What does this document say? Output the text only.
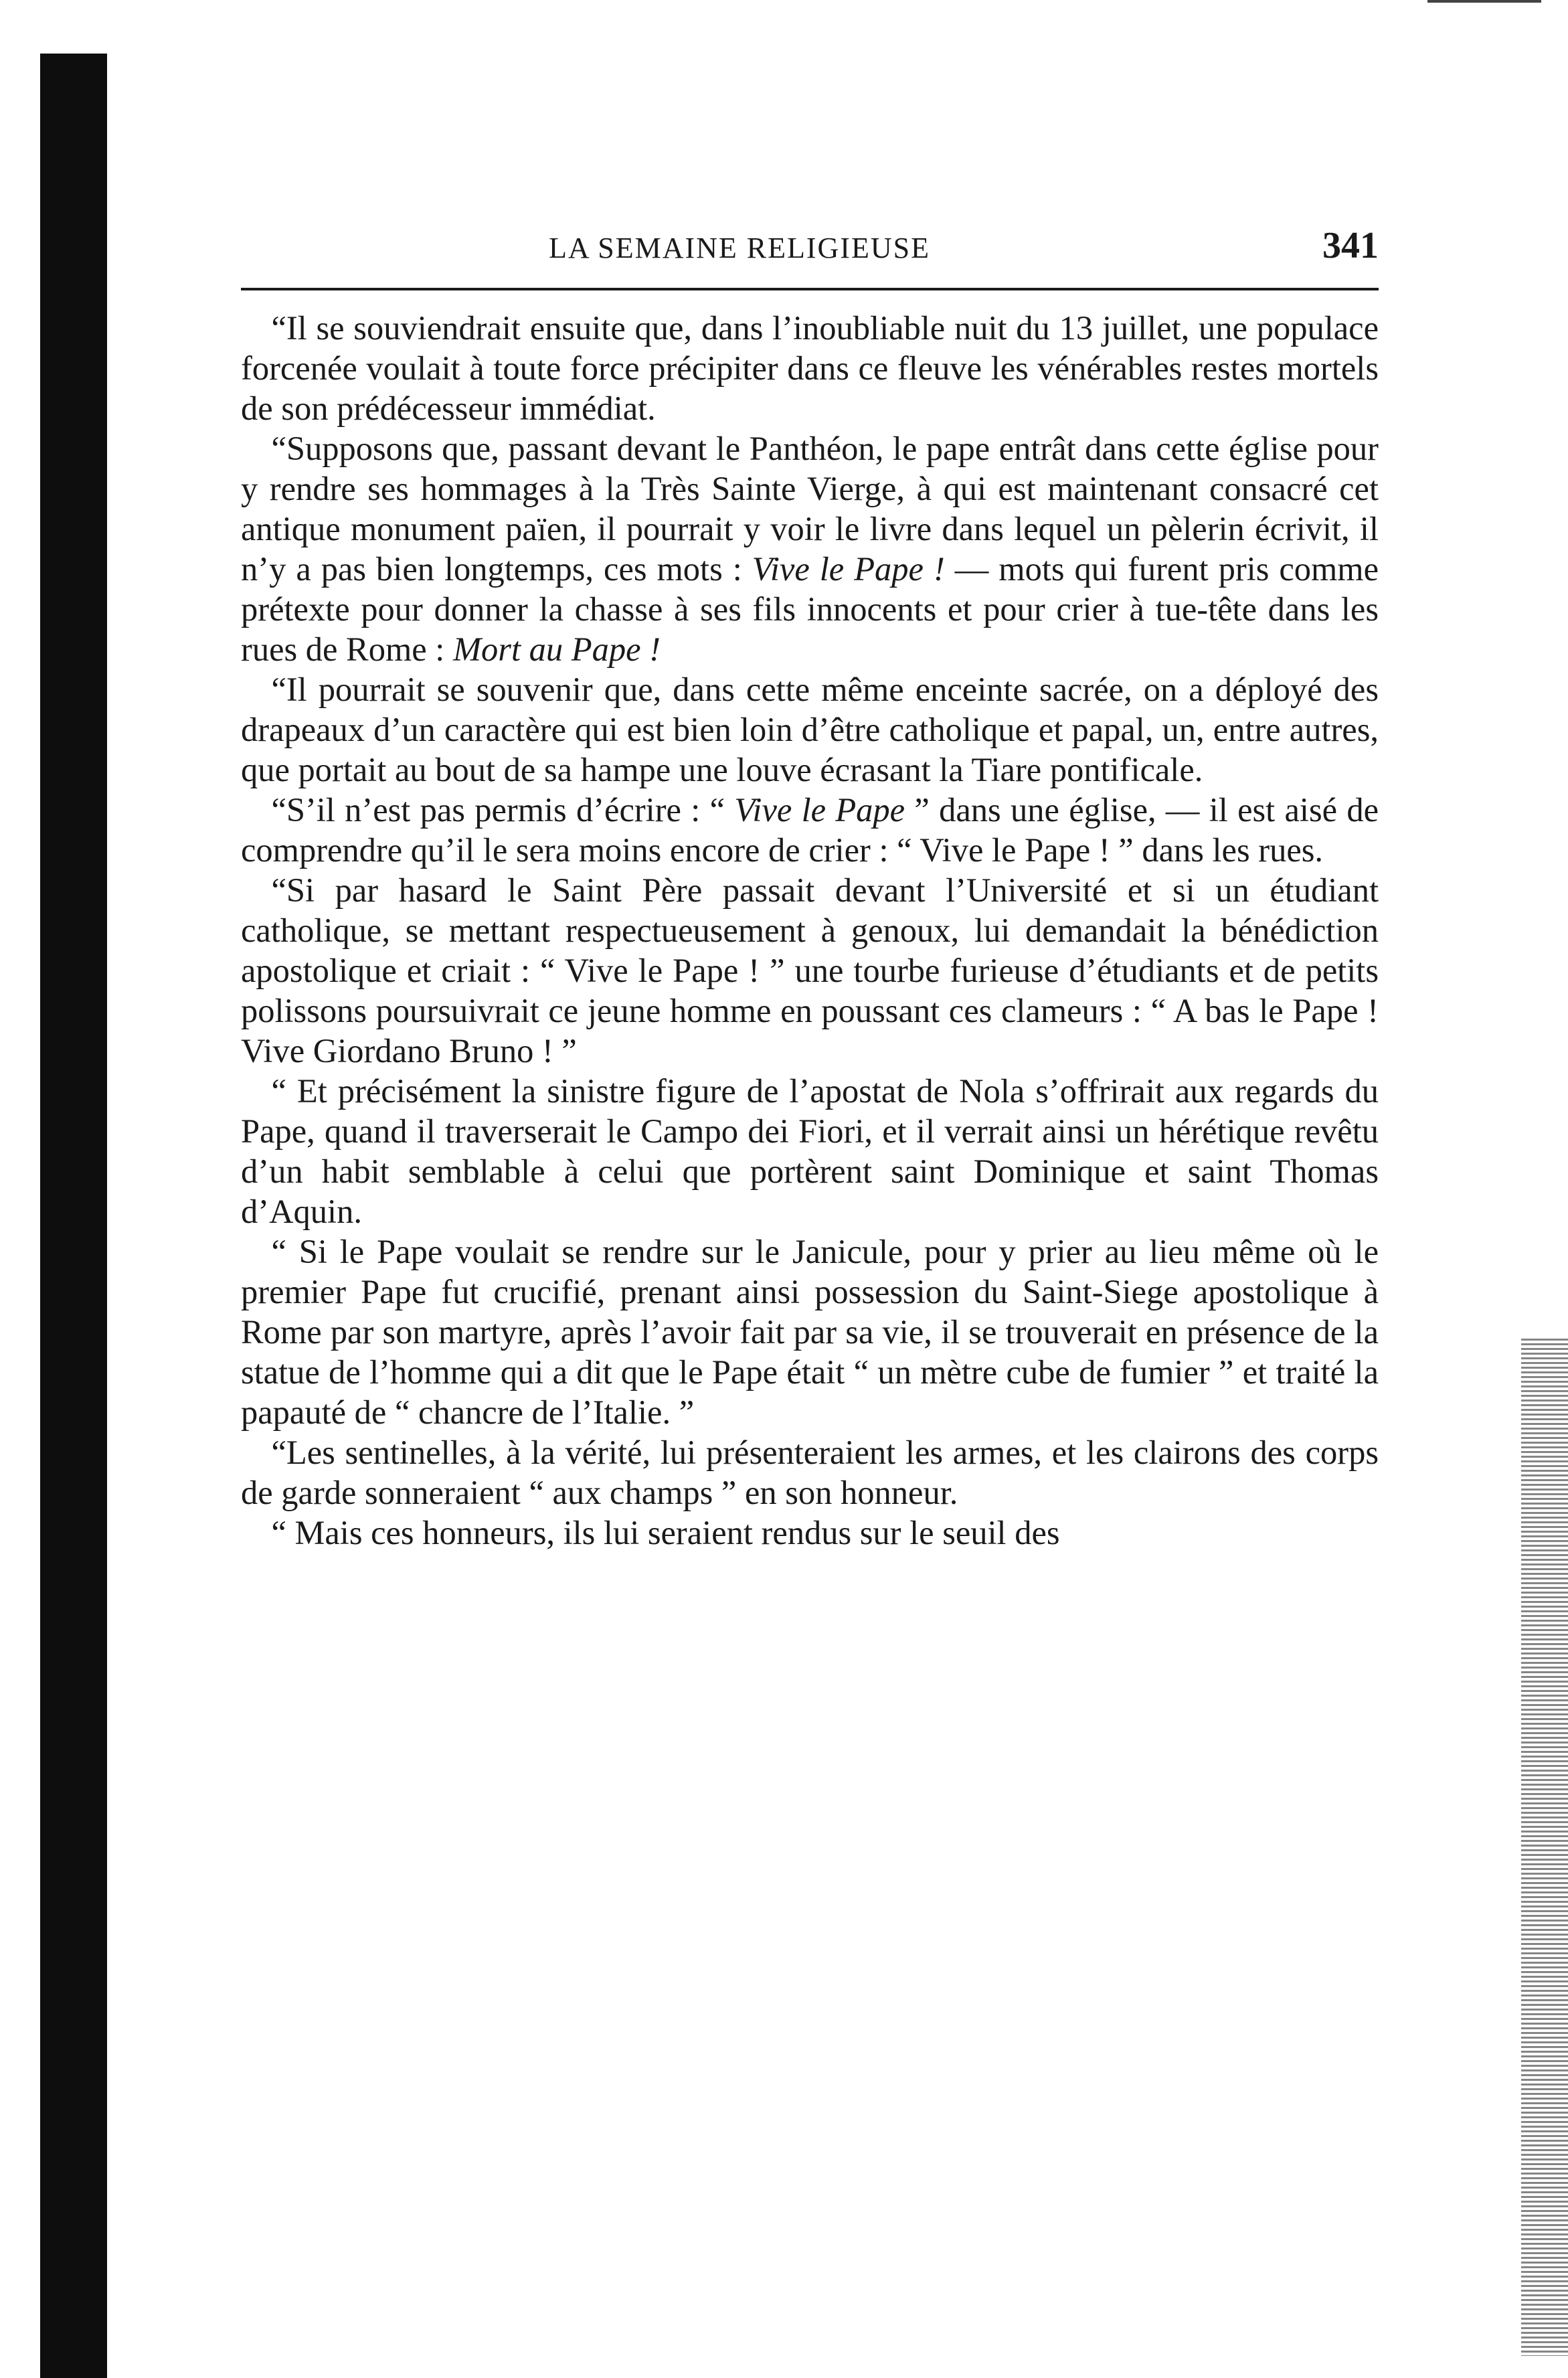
LA SEMAINE RELIGIEUSE	341

“Il se souviendrait ensuite que, dans l’inoubliable nuit du 13 juillet, une populace forcenée voulait à toute force précipiter dans ce fleuve les vénérables restes mortels de son prédécesseur immédiat.

“Supposons que, passant devant le Panthéon, le pape entrât dans cette église pour y rendre ses hommages à la Très Sainte Vierge, à qui est maintenant consacré cet antique monument païen, il pourrait y voir le livre dans lequel un pèlerin écrivit, il n’y a pas bien longtemps, ces mots : Vive le Pape ! — mots qui furent pris comme prétexte pour donner la chasse à ses fils innocents et pour crier à tue-tête dans les rues de Rome : Mort au Pape !

“Il pourrait se souvenir que, dans cette même enceinte sacrée, on a déployé des drapeaux d’un caractère qui est bien loin d’être catholique et papal, un, entre autres, que portait au bout de sa hampe une louve écrasant la Tiare pontificale.

“S’il n’est pas permis d’écrire : “ Vive le Pape ” dans une église, — il est aisé de comprendre qu’il le sera moins encore de crier : “ Vive le Pape ! ” dans les rues.

“Si par hasard le Saint Père passait devant l’Université et si un étudiant catholique, se mettant respectueusement à genoux, lui demandait la bénédiction apostolique et criait : “ Vive le Pape ! ” une tourbe furieuse d’étudiants et de petits polissons poursuivrait ce jeune homme en poussant ces clameurs : “ A bas le Pape ! Vive Giordano Bruno ! ”

“ Et précisément la sinistre figure de l’apostat de Nola s’offrirait aux regards du Pape, quand il traverserait le Campo dei Fiori, et il verrait ainsi un hérétique revêtu d’un habit semblable à celui que portèrent saint Dominique et saint Thomas d’Aquin.

“ Si le Pape voulait se rendre sur le Janicule, pour y prier au lieu même où le premier Pape fut crucifié, prenant ainsi possession du Saint-Siege apostolique à Rome par son martyre, après l’avoir fait par sa vie, il se trouverait en présence de la statue de l’homme qui a dit que le Pape était “ un mètre cube de fumier ” et traité la papauté de “ chancre de l’Italie. ”

“Les sentinelles, à la vérité, lui présenteraient les armes, et les clairons des corps de garde sonneraient “ aux champs ” en son honneur.

“ Mais ces honneurs, ils lui seraient rendus sur le seuil des
